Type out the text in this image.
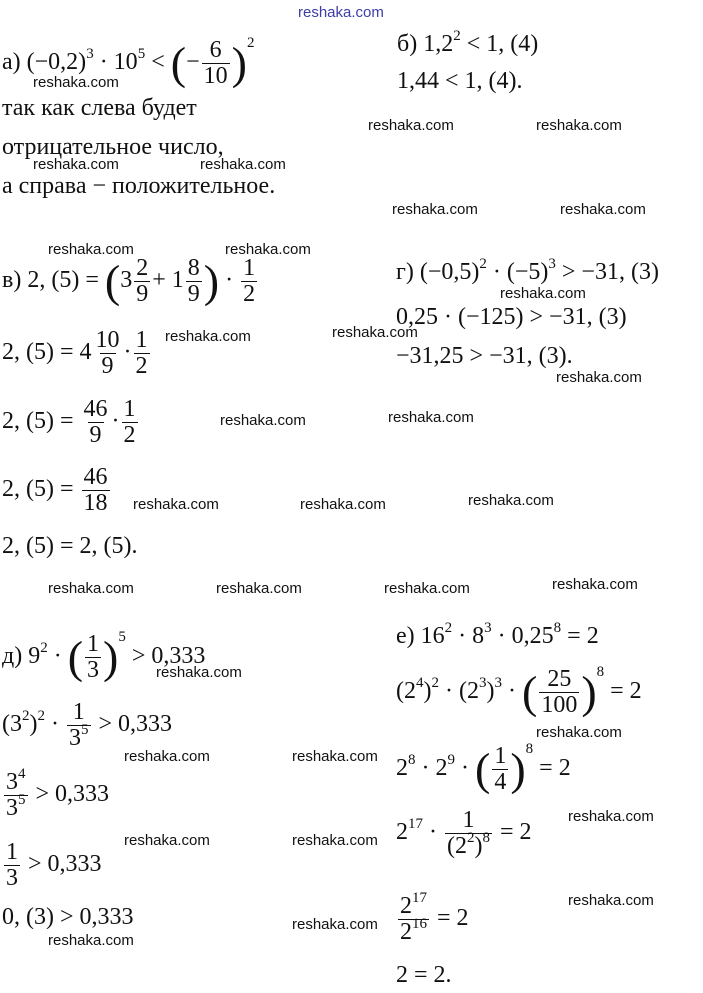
reshaka.com
а) $(-0,2)^3 \cdot 10^5$ < (− $\frac{6}{10} )^2$
так как слева будет
отрицательное число,
а справа − положительное.
б) $1,2^2 < 1$, (4)
1,44 < 1, (4).
в) 2, $(5) = (3 \frac{2}{9} + 1 \frac{8}{9}$ ) · $\frac{1}{2}$
2, $(5) = 4 \frac{10}{9} \cdot \frac{1}{2}$
2, $(5) = \frac{46}{9} \cdot \frac{1}{2}$
2, $(5) = \frac{46}{18}$
2, (5) = 2, (5).
г) $(-0,5)^2 \cdot (-5)^3 > -31$, (3)
0,25 · (−125) > −31, (3)
−31,25 > −31, (3).
д) $9^2$ · ( $\frac{1}{3} )^5 > 0,333$
$(3^2)^2 \cdot \frac{1}{3^5} > 0,333$
$\frac{3^4}{3^5} > 0,333$
$\frac{1}{3} > 0,333$
0, (3) > 0,333
е) $16^2 \cdot 8^3 \cdot 0,25^8 = 2$
$(2^4)^2 \cdot (2^3)^3$ · ( $\frac{25}{100} )^8 = 2$
$2^8 \cdot 2^9$ · ( $\frac{1}{4} )^8 = 2$
$2^{17} \cdot \frac{1}{(2^2)^8} = 2$
$\frac{2^{17}}{2^{16}} = 2$
2 = 2.
reshaka.com
reshaka.com	reshaka.com
reshaka.com	reshaka.com
reshaka.com	reshaka.com
reshaka.com	reshaka.com
reshaka.com
reshaka.com	reshaka.com
reshaka.com
reshaka.com	reshaka.com
reshaka.com	reshaka.com	reshaka.com
reshaka.com	reshaka.com	reshaka.com	reshaka.com
reshaka.com
reshaka.com
reshaka.com	reshaka.com
reshaka.com
reshaka.com	reshaka.com
reshaka.com
reshaka.com
reshaka.com
